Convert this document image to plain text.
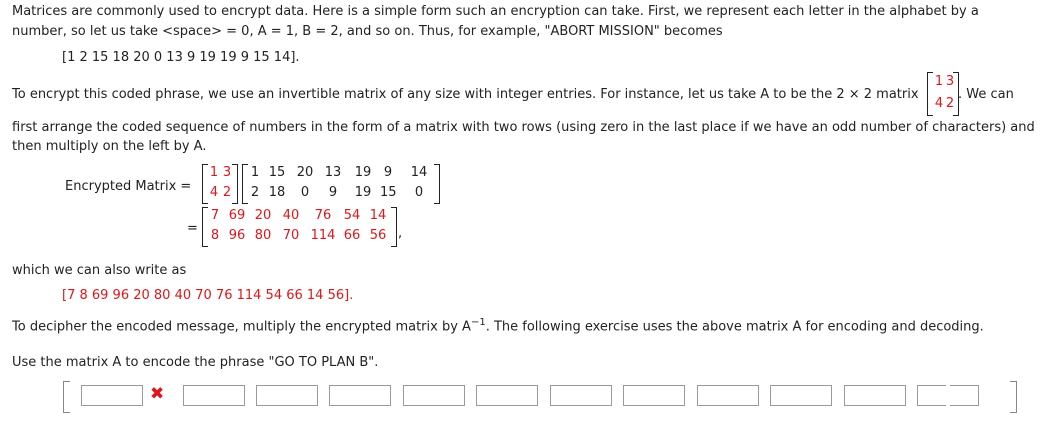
Matrices are commonly used to encrypt data. Here is a simple form such an encryption can take. First, we represent each letter in the alphabet by a
number, so let us take <space> = 0, A = 1, B = 2, and so on. Thus, for example, "ABORT MISSION" becomes
[1 2 15 18 20 0 13 9 19 19 9 15 14].
To encrypt this coded phrase, we use an invertible matrix of any size with integer entries. For instance, let us take A to be the 2 × 2 matrix
1 3
4 2
. We can
first arrange the coded sequence of numbers in the form of a matrix with two rows (using zero in the last place if we have an odd number of characters) and
then multiply on the left by A.
Encrypted Matrix =
1 3
4 2
1 15 20 13	19 9	14
2 18	0	9	19 15	0
=
7 69 20 40	76 54 14
8 96 80 70 114 66 56 ,
which we can also write as
[7 8 69 96 20 80 40 70 76 114 54 66 14 56].
To decipher the encoded message, multiply the encrypted matrix by $A^{-1}$. The following exercise uses the above matrix A for encoding and decoding.
Use the matrix A to encode the phrase "GO TO PLAN B".
✖
